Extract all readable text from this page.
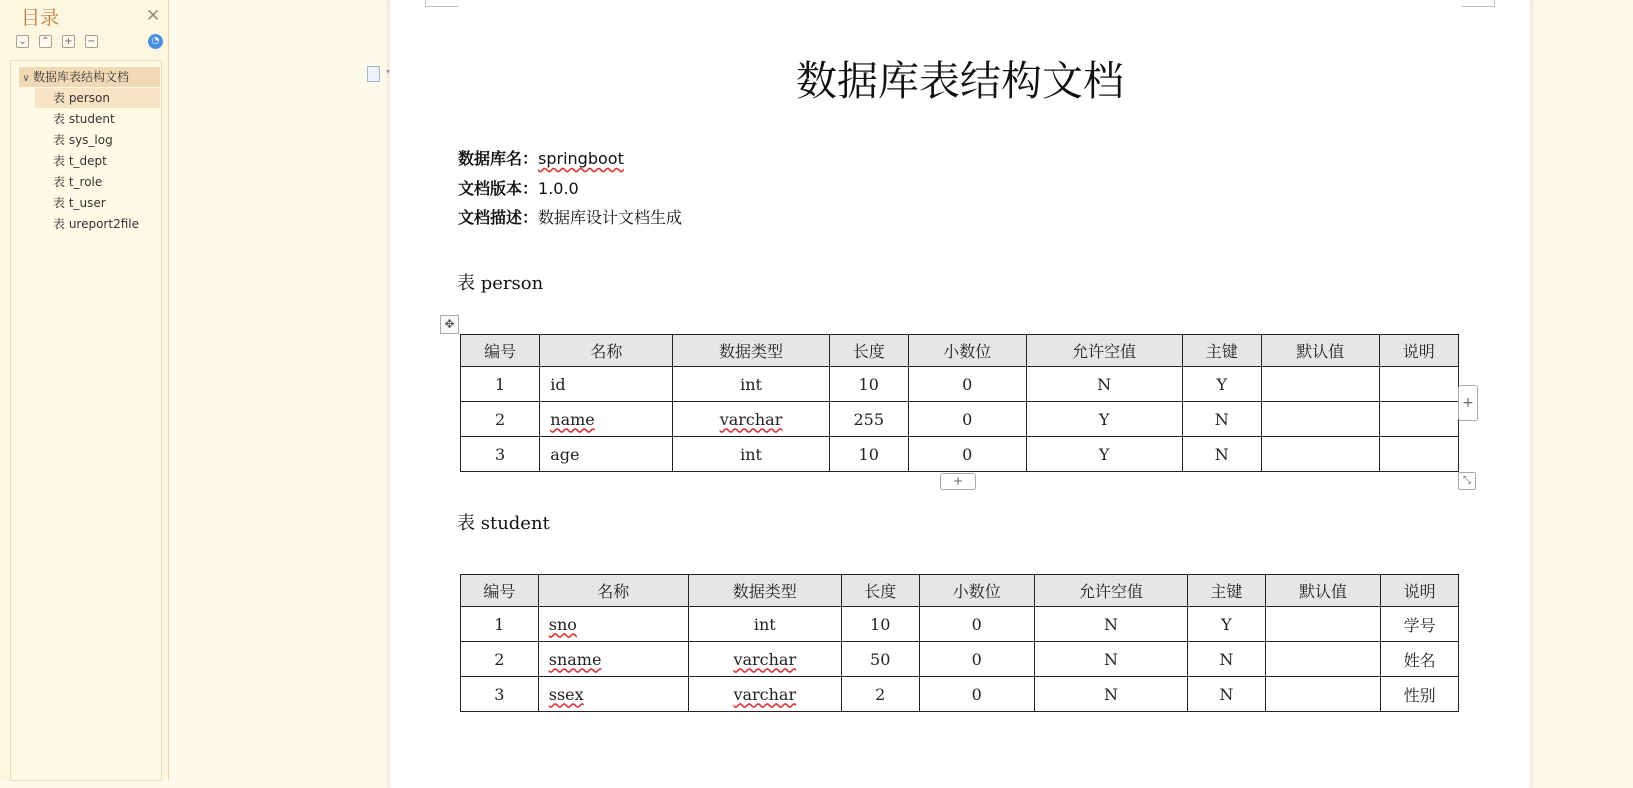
目录	✕
⌄ ⌃ + −	◔
∨ 数据库表结构文档
表 person
表 student
表 sys_log
表 t_dept
表 t_role
表 t_user
表 ureport2file
▾	数据库表结构文档
数据库名：springboot
文档版本：1.0.0
文档描述：数据库设计文档生成
表 person
✥
编号	名称	数据类型	长度	小数位	允许空值	主键	默认值	说明
1	id	int	10	0	N	Y		
2	name	varchar	255	0	Y	N		
3	age	int	10	0	Y	N		
+
+	⤡
表 student
编号	名称	数据类型	长度	小数位	允许空值	主键	默认值	说明
1	sno	int	10	0	N	Y		学号
2	sname	varchar	50	0	N	N		姓名
3	ssex	varchar	2	0	N	N		性别
